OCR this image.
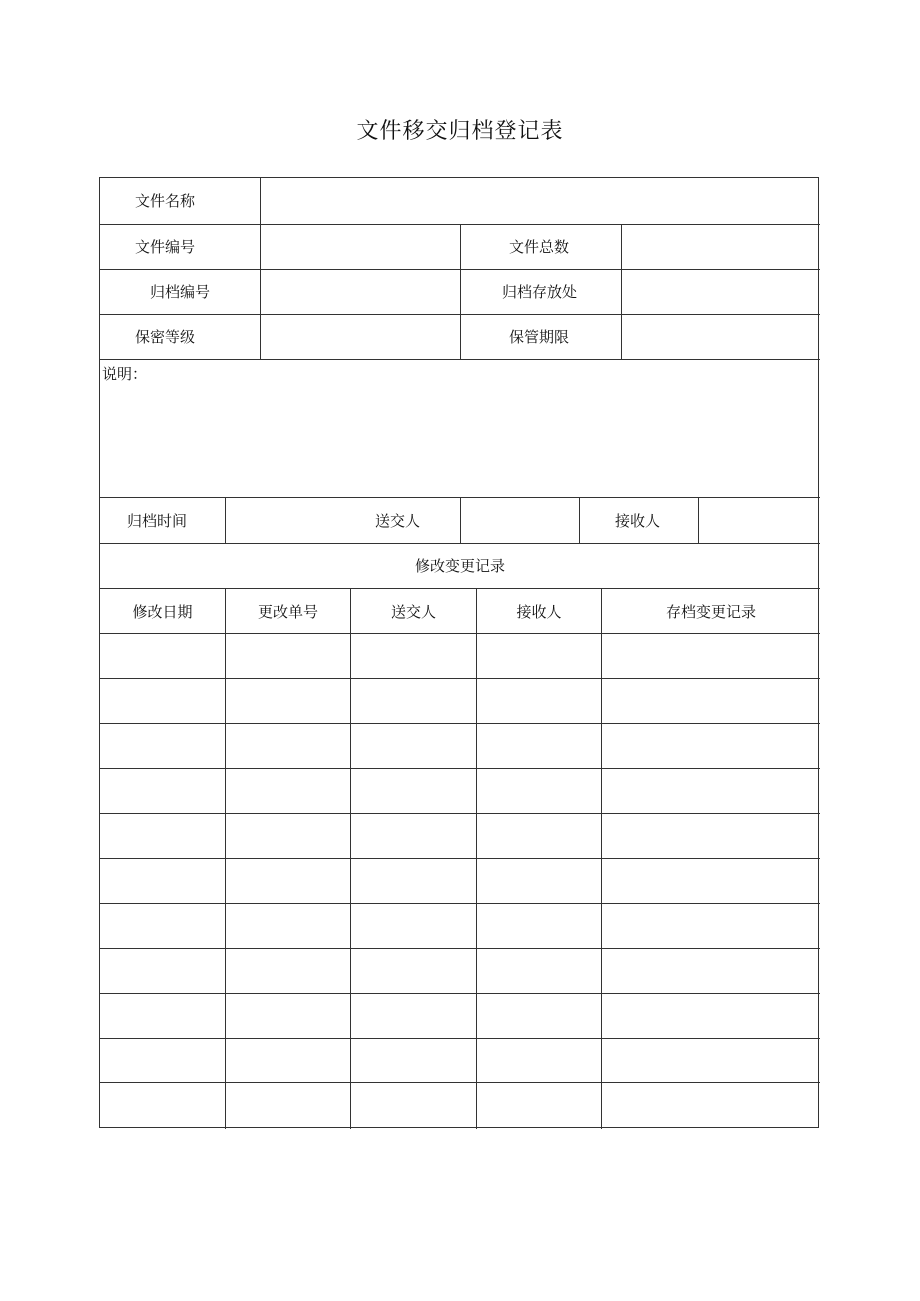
文件移交归档登记表
文件名称
文件编号	文件总数
归档编号	归档存放处
保密等级	保管期限
说明：
归档时间	送交人	接收人
修改变更记录
修改日期	更改单号	送交人	接收人	存档变更记录
